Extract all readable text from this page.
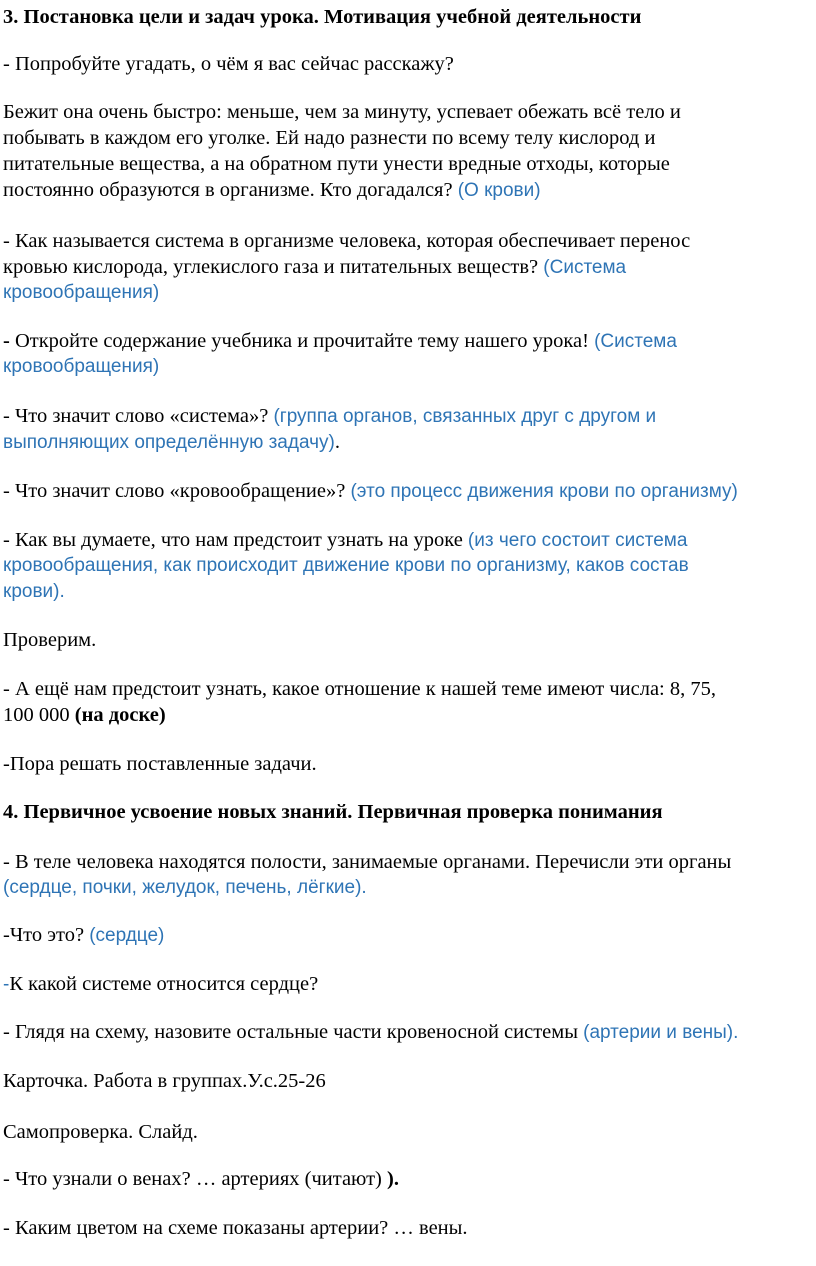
3. Постановка цели и задач урока. Мотивация учебной деятельности
- Попробуйте угадать, о чём я вас сейчас расскажу?
Бежит она очень быстро: меньше, чем за минуту, успевает обежать всё тело и
побывать в каждом его уголке. Ей надо разнести по всему телу кислород и
питательные вещества, а на обратном пути унести вредные отходы, которые
постоянно образуются в организме. Кто догадался? (О крови)
- Как называется система в организме человека, которая обеспечивает перенос
кровью кислорода, углекислого газа и питательных веществ? (Система
кровообращения)
- Откройте содержание учебника и прочитайте тему нашего урока! (Система
кровообращения)
- Что значит слово «система»? (группа органов, связанных друг с другом и
выполняющих определённую задачу).
- Что значит слово «кровообращение»? (это процесс движения крови по организму)
- Как вы думаете, что нам предстоит узнать на уроке (из чего состоит система
кровообращения, как происходит движение крови по организму, каков состав
крови).
Проверим.
- А ещё нам предстоит узнать, какое отношение к нашей теме имеют числа: 8, 75,
100 000 (на доске)
-Пора решать поставленные задачи.
4. Первичное усвоение новых знаний. Первичная проверка понимания
- В теле человека находятся полости, занимаемые органами. Перечисли эти органы
(сердце, почки, желудок, печень, лёгкие).
-Что это? (сердце)
-К какой системе относится сердце?
- Глядя на схему, назовите остальные части кровеносной системы (артерии и вены).
Карточка. Работа в группах.У.с.25-26
Самопроверка. Слайд.
- Что узнали о венах? … артериях (читают) ).
- Каким цветом на схеме показаны артерии? … вены.
